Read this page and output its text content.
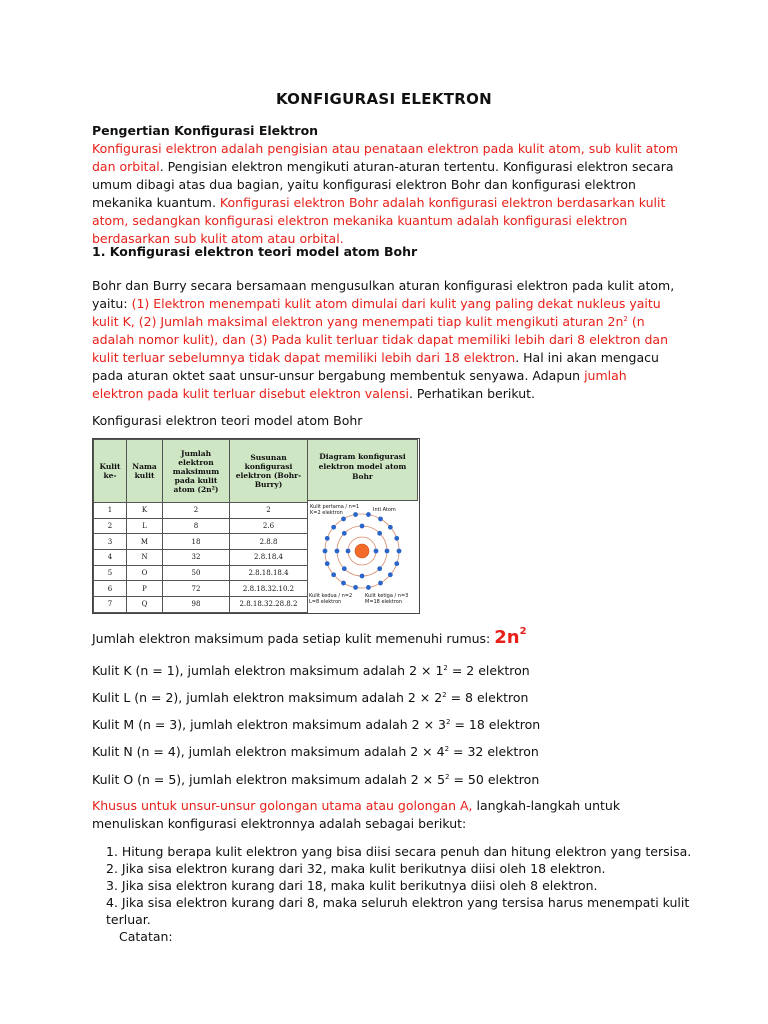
KONFIGURASI ELEKTRON
Pengertian Konfigurasi Elektron
Konfigurasi elektron adalah pengisian atau penataan elektron pada kulit atom, sub kulit atom dan orbital. Pengisian elektron mengikuti aturan-aturan tertentu. Konfigurasi elektron secara umum dibagi atas dua bagian, yaitu konfigurasi elektron Bohr dan konfigurasi elektron mekanika kuantum. Konfigurasi elektron Bohr adalah konfigurasi elektron berdasarkan kulit atom, sedangkan konfigurasi elektron mekanika kuantum adalah konfigurasi elektron berdasarkan sub kulit atom atau orbital.
1. Konfigurasi elektron teori model atom Bohr
Bohr dan Burry secara bersamaan mengusulkan aturan konfigurasi elektron pada kulit atom, yaitu: (1) Elektron menempati kulit atom dimulai dari kulit yang paling dekat nukleus yaitu kulit K, (2) Jumlah maksimal elektron yang menempati tiap kulit mengikuti aturan $2n^2$ (n adalah nomor kulit), dan (3) Pada kulit terluar tidak dapat memiliki lebih dari 8 elektron dan kulit terluar sebelumnya tidak dapat memiliki lebih dari 18 elektron. Hal ini akan mengacu pada aturan oktet saat unsur-unsur bergabung membentuk senyawa. Adapun jumlah elektron pada kulit terluar disebut elektron valensi. Perhatikan berikut.
Konfigurasi elektron teori model atom Bohr
Kulit ke-	Nama kulit	Jumlah elektron maksimum pada kulit atom (2n²)	Susunan konfigurasi elektron (Bohr-Burry)
1	K	2	2
2	L	8	2.6
3	M	18	2.8.8
4	N	32	2.8.18.4
5	O	50	2.8.18.18.4
6	P	72	2.8.18.32.10.2
7	Q	98	2.8.18.32.28.8.2
Diagram konfigurasi elektron model atom Bohr
Kulit pertama / n=1
K=2 elektron	Inti Atom
Kulit kedua / n=2
L=8 elektron
Kulit ketiga / n=3
M=18 elektron
Jumlah elektron maksimum pada setiap kulit memenuhi rumus: $2n^2$
Kulit K (n = 1), jumlah elektron maksimum adalah $2 \times 1^2 = 2$ elektron
Kulit L (n = 2), jumlah elektron maksimum adalah $2 \times 2^2 = 8$ elektron
Kulit M (n = 3), jumlah elektron maksimum adalah $2 \times 3^2 = 18$ elektron
Kulit N (n = 4), jumlah elektron maksimum adalah $2 \times 4^2 = 32$ elektron
Kulit O (n = 5), jumlah elektron maksimum adalah $2 \times 5^2 = 50$ elektron
Khusus untuk unsur-unsur golongan utama atau golongan A, langkah-langkah untuk menuliskan konfigurasi elektronnya adalah sebagai berikut:
1. Hitung berapa kulit elektron yang bisa diisi secara penuh dan hitung elektron yang tersisa.
2. Jika sisa elektron kurang dari 32, maka kulit berikutnya diisi oleh 18 elektron.
3. Jika sisa elektron kurang dari 18, maka kulit berikutnya diisi oleh 8 elektron.
4. Jika sisa elektron kurang dari 8, maka seluruh elektron yang tersisa harus menempati kulit terluar.
Catatan:
